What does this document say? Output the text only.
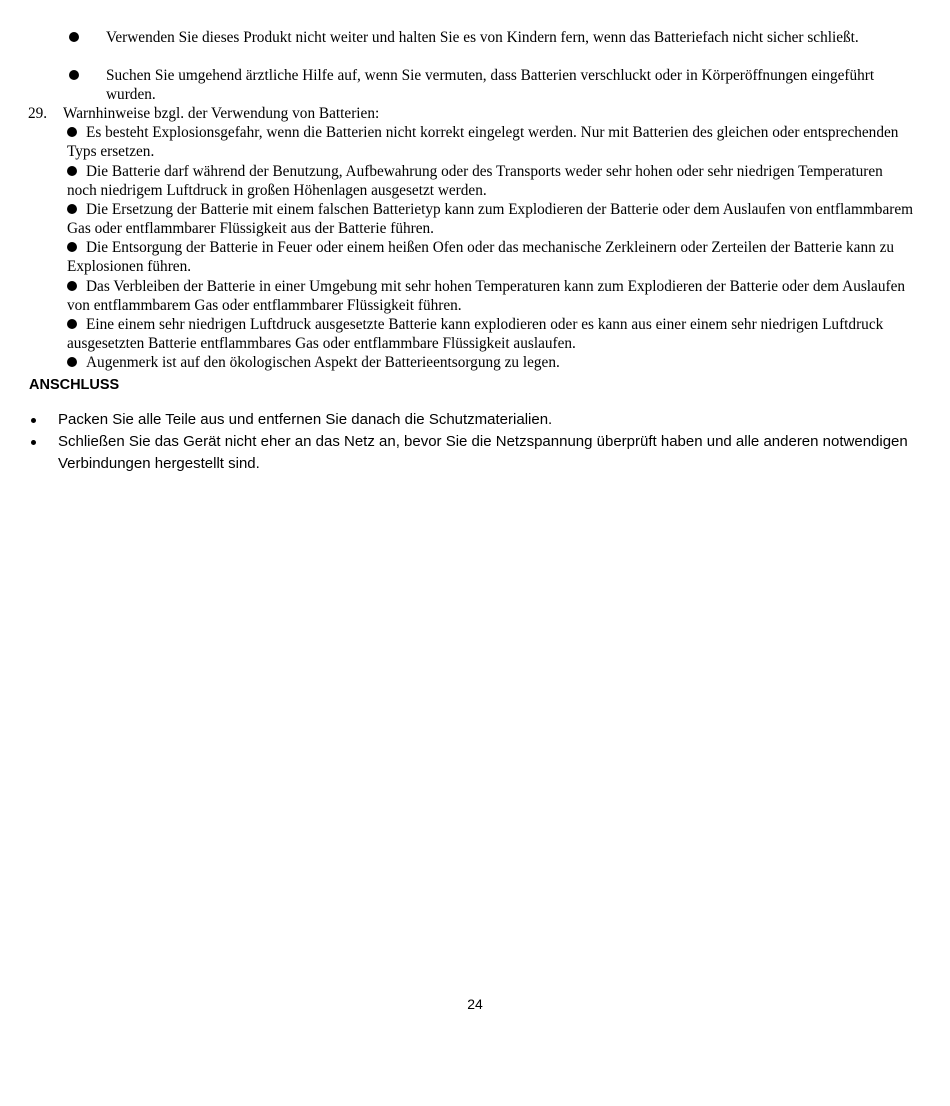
Verwenden Sie dieses Produkt nicht weiter und halten Sie es von Kindern fern, wenn das Batteriefach nicht sicher schließt.
Suchen Sie umgehend ärztliche Hilfe auf, wenn Sie vermuten, dass Batterien verschluckt oder in Körperöffnungen eingeführt wurden.
29. Warnhinweise bzgl. der Verwendung von Batterien:
Es besteht Explosionsgefahr, wenn die Batterien nicht korrekt eingelegt werden. Nur mit Batterien des gleichen oder entsprechenden Typs ersetzen.
Die Batterie darf während der Benutzung, Aufbewahrung oder des Transports weder sehr hohen oder sehr niedrigen Temperaturen noch niedrigem Luftdruck in großen Höhenlagen ausgesetzt werden.
Die Ersetzung der Batterie mit einem falschen Batterietyp kann zum Explodieren der Batterie oder dem Auslaufen von entflammbarem Gas oder entflammbarer Flüssigkeit aus der Batterie führen.
Die Entsorgung der Batterie in Feuer oder einem heißen Ofen oder das mechanische Zerkleinern oder Zerteilen der Batterie kann zu Explosionen führen.
Das Verbleiben der Batterie in einer Umgebung mit sehr hohen Temperaturen kann zum Explodieren der Batterie oder dem Auslaufen von entflammbarem Gas oder entflammbarer Flüssigkeit führen.
Eine einem sehr niedrigen Luftdruck ausgesetzte Batterie kann explodieren oder es kann aus einer einem sehr niedrigen Luftdruck ausgesetzten Batterie entflammbares Gas oder entflammbare Flüssigkeit auslaufen.
Augenmerk ist auf den ökologischen Aspekt der Batterieentsorgung zu legen.
ANSCHLUSS
Packen Sie alle Teile aus und entfernen Sie danach die Schutzmaterialien.
Schließen Sie das Gerät nicht eher an das Netz an, bevor Sie die Netzspannung überprüft haben und alle anderen notwendigen Verbindungen hergestellt sind.
24
